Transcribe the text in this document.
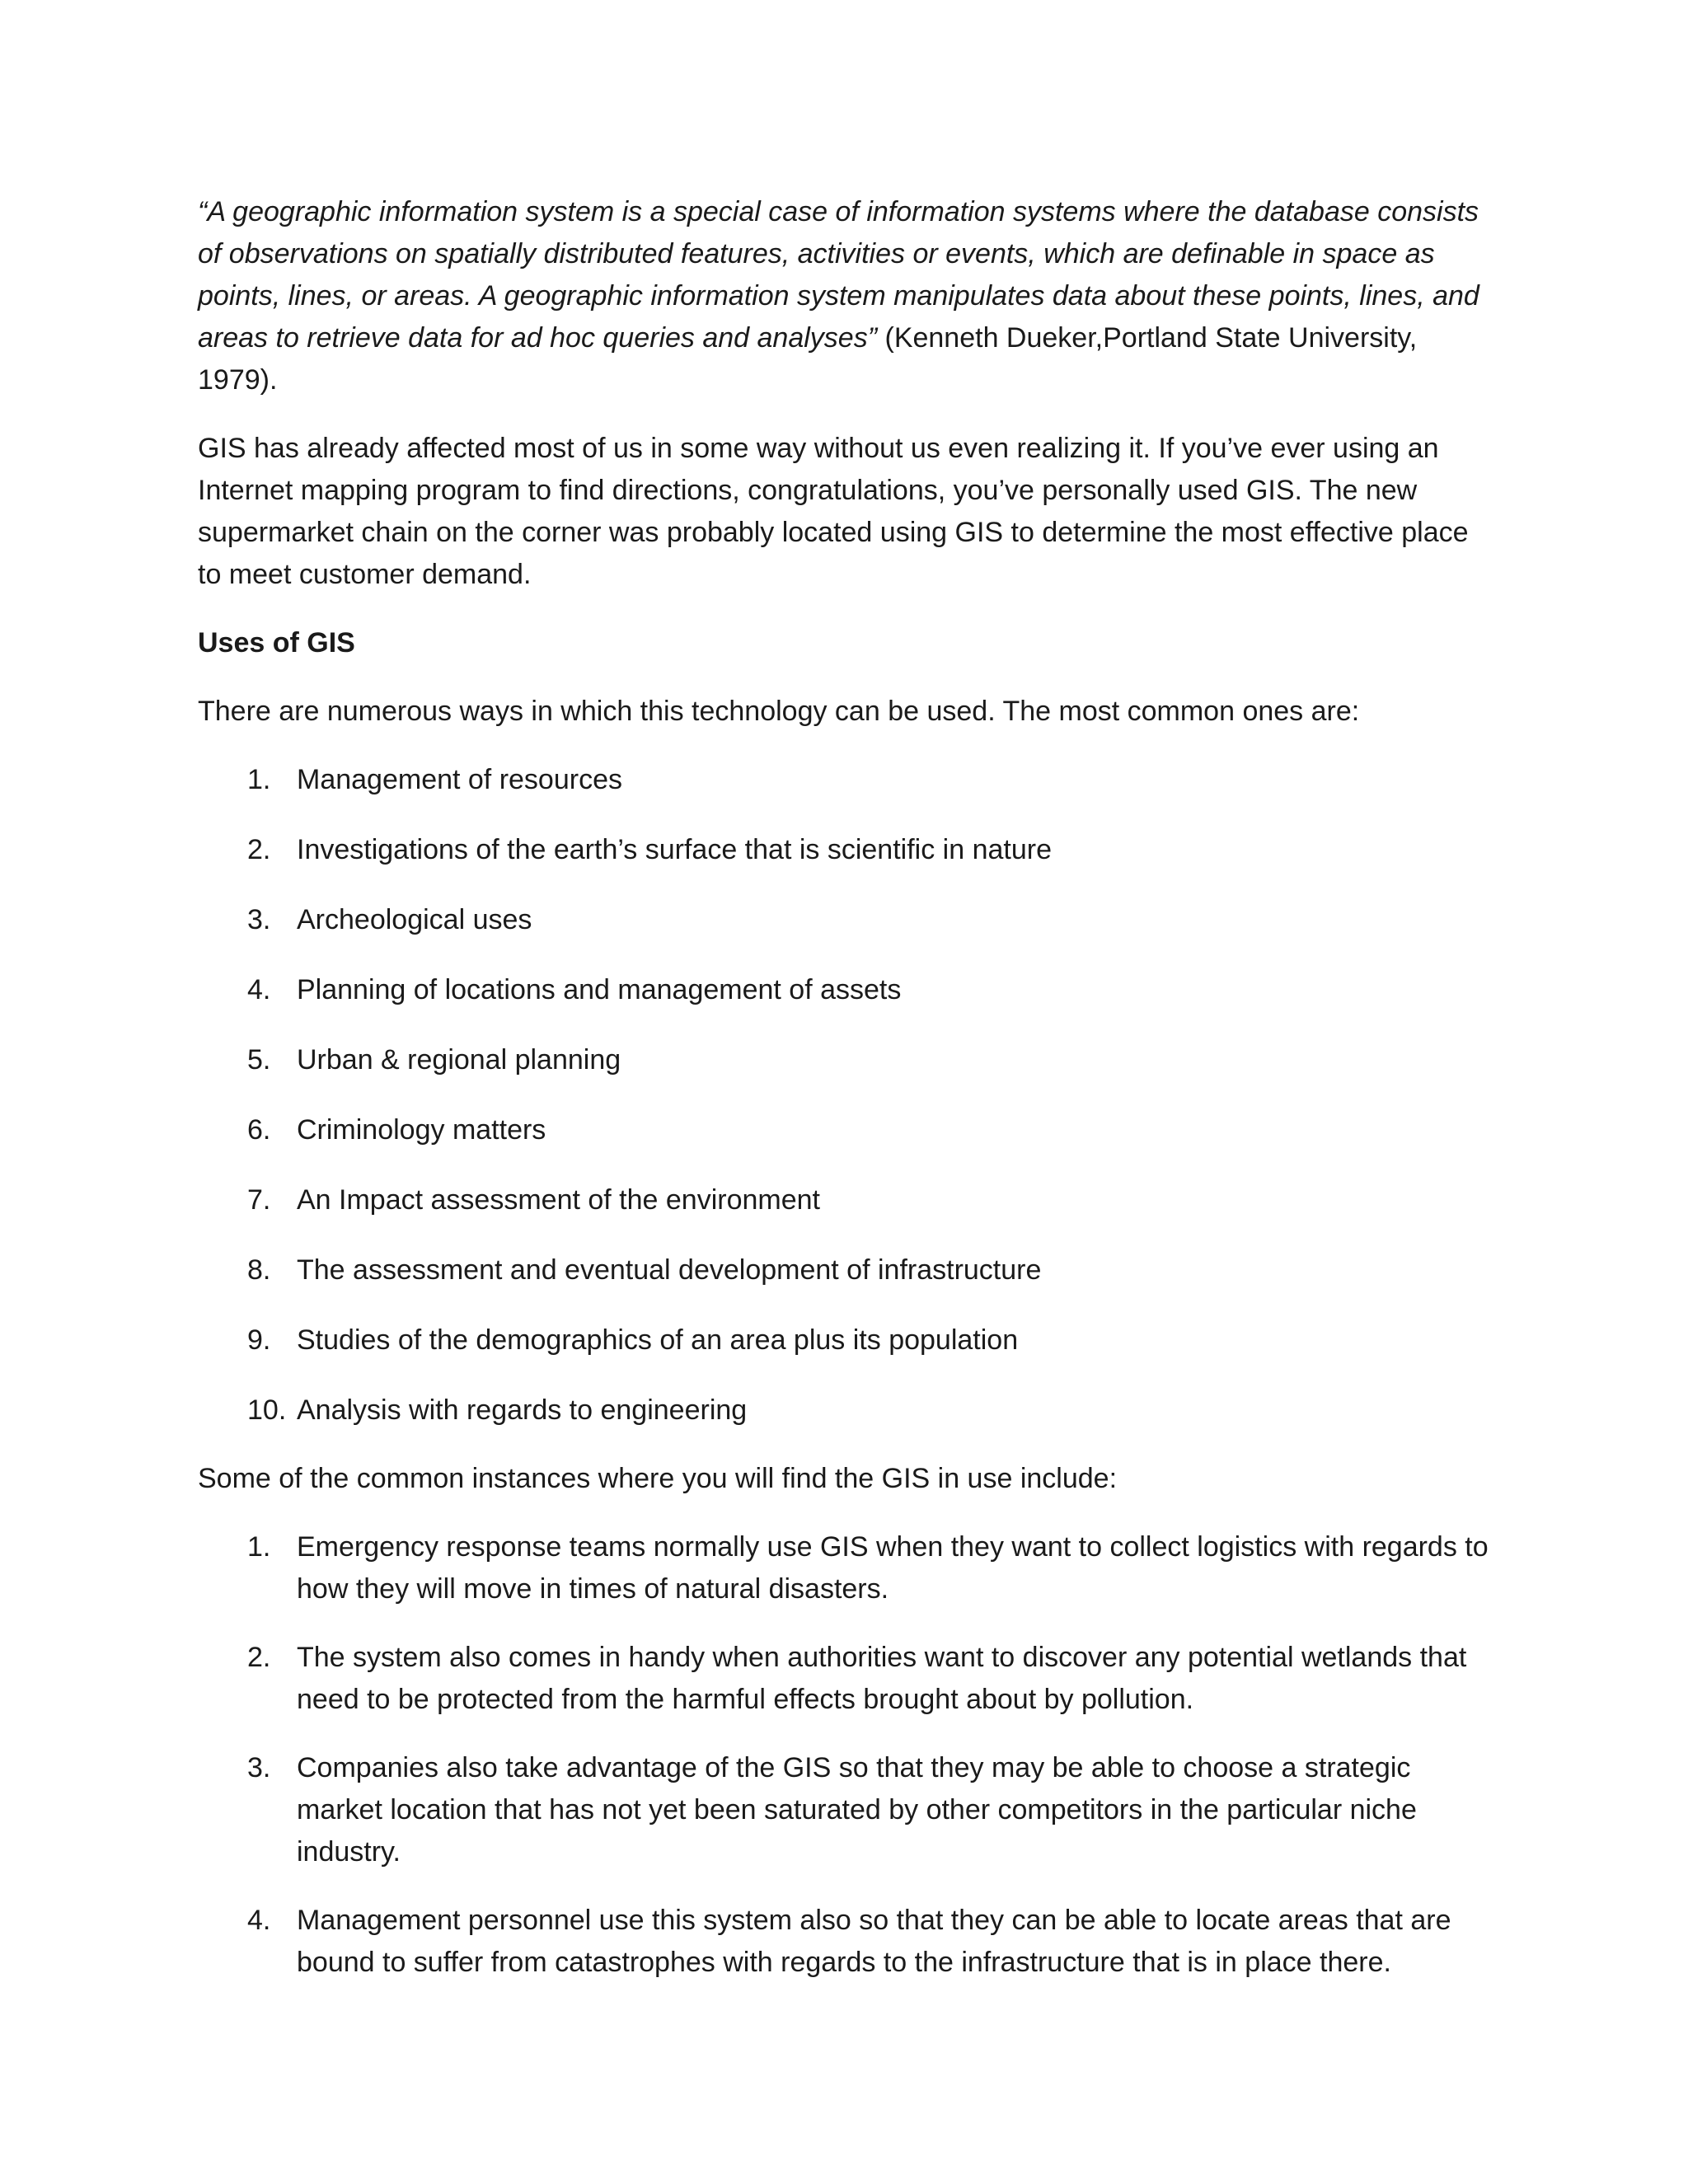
“A geographic information system is a special case of information systems where the database consists of observations on spatially distributed features, activities or events, which are definable in space as points, lines, or areas. A geographic information system manipulates data about these points, lines, and areas to retrieve data for ad hoc queries and analyses” (Kenneth Dueker,Portland State University, 1979).

GIS has already affected most of us in some way without us even realizing it. If you’ve ever using an Internet mapping program to find directions, congratulations, you’ve personally used GIS. The new supermarket chain on the corner was probably located using GIS to determine the most effective place to meet customer demand.

Uses of GIS

There are numerous ways in which this technology can be used. The most common ones are:

1. Management of resources
2. Investigations of the earth’s surface that is scientific in nature
3. Archeological uses
4. Planning of locations and management of assets
5. Urban & regional planning
6. Criminology matters
7. An Impact assessment of the environment
8. The assessment and eventual development of infrastructure
9. Studies of the demographics of an area plus its population
10. Analysis with regards to engineering

Some of the common instances where you will find the GIS in use include:

1. Emergency response teams normally use GIS when they want to collect logistics with regards to how they will move in times of natural disasters.
2. The system also comes in handy when authorities want to discover any potential wetlands that need to be protected from the harmful effects brought about by pollution.
3. Companies also take advantage of the GIS so that they may be able to choose a strategic market location that has not yet been saturated by other competitors in the particular niche industry.
4. Management personnel use this system also so that they can be able to locate areas that are bound to suffer from catastrophes with regards to the infrastructure that is in place there.
